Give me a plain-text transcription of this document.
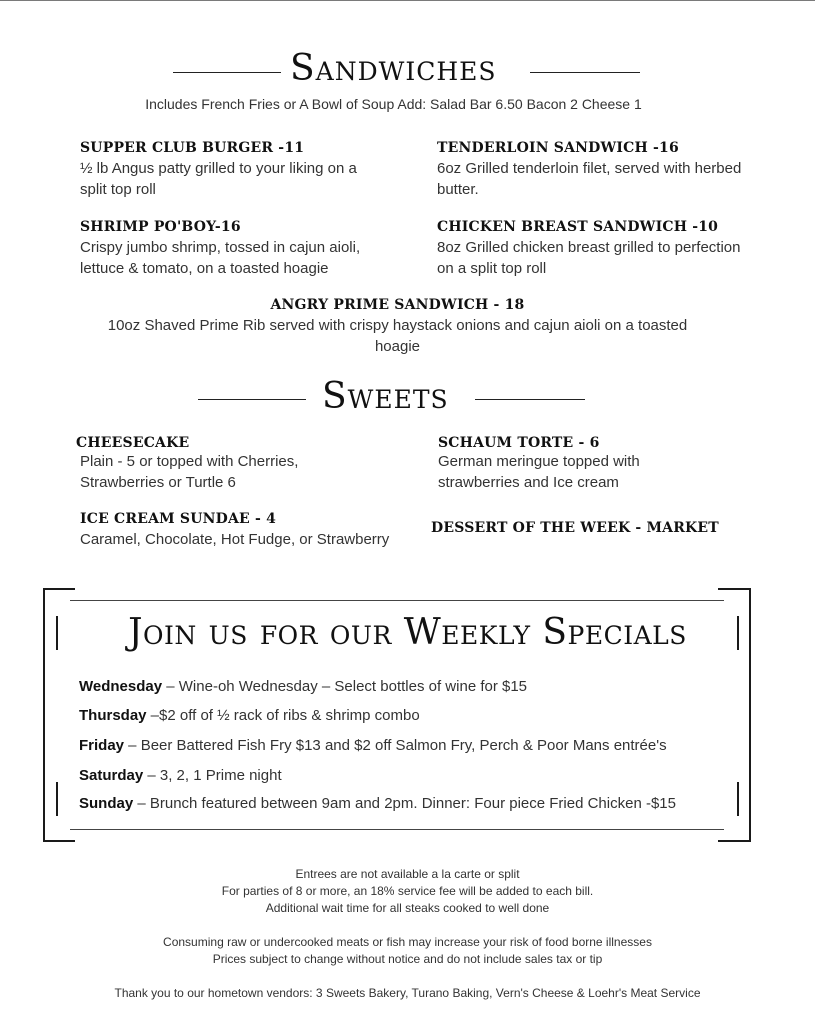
Sandwiches
Includes French Fries or A Bowl of Soup Add: Salad Bar 6.50 Bacon 2 Cheese 1
SUPPER CLUB BURGER -11
½ lb Angus patty grilled to your liking on a
split top roll
TENDERLOIN SANDWICH -16
6oz Grilled tenderloin filet, served with herbed
butter.
SHRIMP PO'BOY-16
Crispy jumbo shrimp, tossed in cajun aioli,
lettuce & tomato, on a toasted hoagie
CHICKEN BREAST SANDWICH -10
8oz Grilled chicken breast grilled to perfection
on a split top roll
ANGRY PRIME SANDWICH - 18
10oz Shaved Prime Rib served with crispy haystack onions and cajun aioli on a toasted
hoagie
Sweets
CHEESECAKE
Plain - 5 or topped with Cherries,
Strawberries or Turtle 6
SCHAUM TORTE - 6
German meringue topped with
strawberries and Ice cream
ICE CREAM SUNDAE - 4
Caramel, Chocolate, Hot Fudge, or Strawberry
DESSERT OF THE WEEK - MARKET
Join us for our Weekly Specials
Wednesday – Wine-oh Wednesday – Select bottles of wine for $15
Thursday –$2 off of ½ rack of ribs & shrimp combo
Friday – Beer Battered Fish Fry $13 and $2 off Salmon Fry, Perch & Poor Mans entrée's
Saturday – 3, 2, 1 Prime night
Sunday – Brunch featured between 9am and 2pm. Dinner: Four piece Fried Chicken -$15
Entrees are not available a la carte or split
For parties of 8 or more, an 18% service fee will be added to each bill.
Additional wait time for all steaks cooked to well done
Consuming raw or undercooked meats or fish may increase your risk of food borne illnesses
Prices subject to change without notice and do not include sales tax or tip
Thank you to our hometown vendors: 3 Sweets Bakery, Turano Baking, Vern's Cheese & Loehr's Meat Service
